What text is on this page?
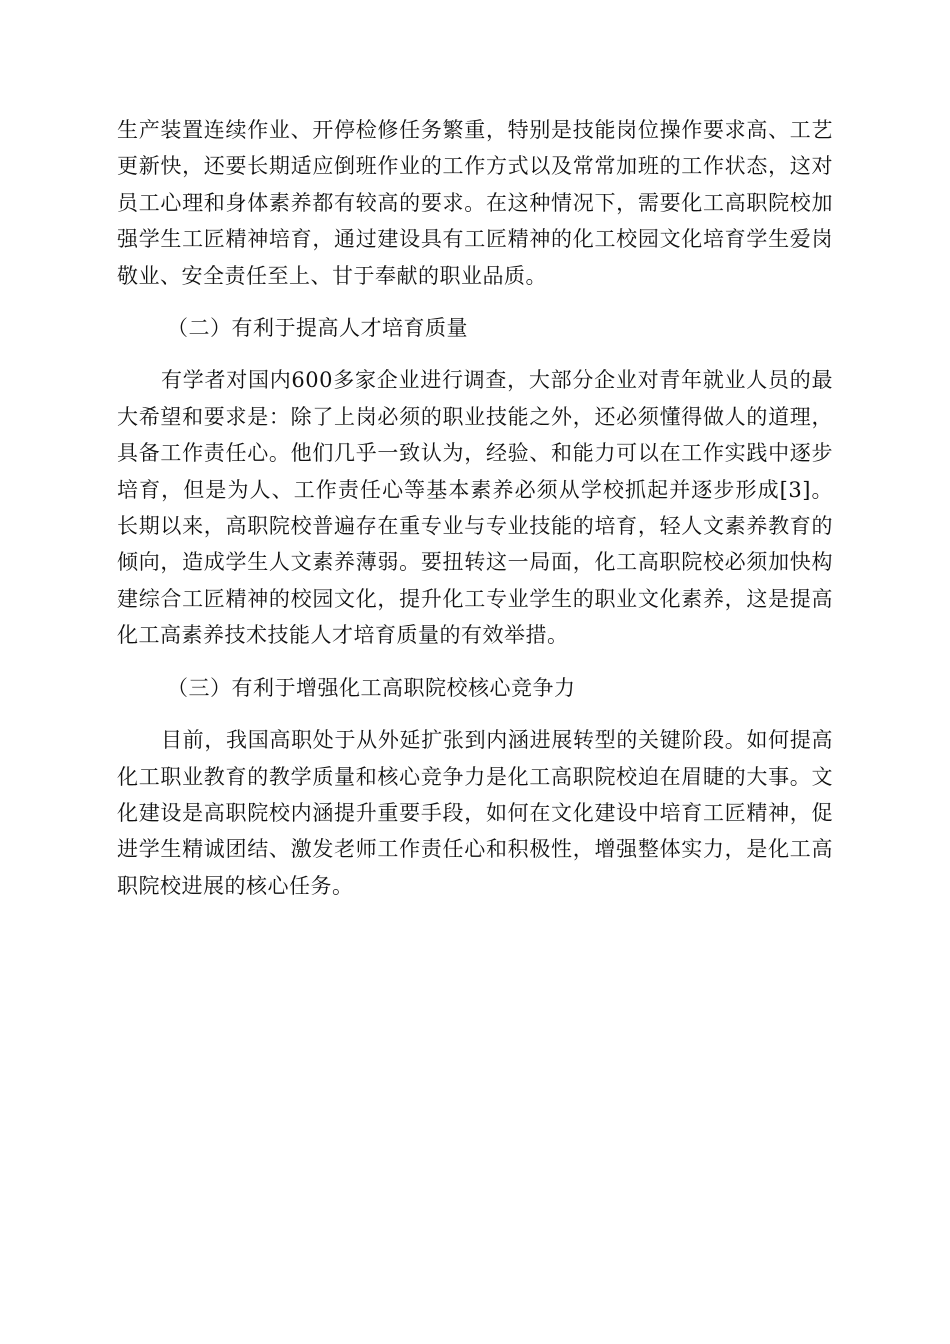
生产装置连续作业、开停检修任务繁重，特别是技能岗位操作要求高、工艺更新快，还要长期适应倒班作业的工作方式以及常常加班的工作状态，这对员工心理和身体素养都有较高的要求。在这种情况下，需要化工高职院校加强学生工匠精神培育，通过建设具有工匠精神的化工校园文化培育学生爱岗敬业、安全责任至上、甘于奉献的职业品质。

（二）有利于提高人才培育质量

有学者对国内600多家企业进行调查，大部分企业对青年就业人员的最大希望和要求是：除了上岗必须的职业技能之外，还必须懂得做人的道理，具备工作责任心。他们几乎一致认为，经验、和能力可以在工作实践中逐步培育，但是为人、工作责任心等基本素养必须从学校抓起并逐步形成[3]。长期以来，高职院校普遍存在重专业与专业技能的培育，轻人文素养教育的倾向，造成学生人文素养薄弱。要扭转这一局面，化工高职院校必须加快构建综合工匠精神的校园文化，提升化工专业学生的职业文化素养，这是提高化工高素养技术技能人才培育质量的有效举措。

（三）有利于增强化工高职院校核心竞争力

目前，我国高职处于从外延扩张到内涵进展转型的关键阶段。如何提高化工职业教育的教学质量和核心竞争力是化工高职院校迫在眉睫的大事。文化建设是高职院校内涵提升重要手段，如何在文化建设中培育工匠精神，促进学生精诚团结、激发老师工作责任心和积极性，增强整体实力，是化工高职院校进展的核心任务。
